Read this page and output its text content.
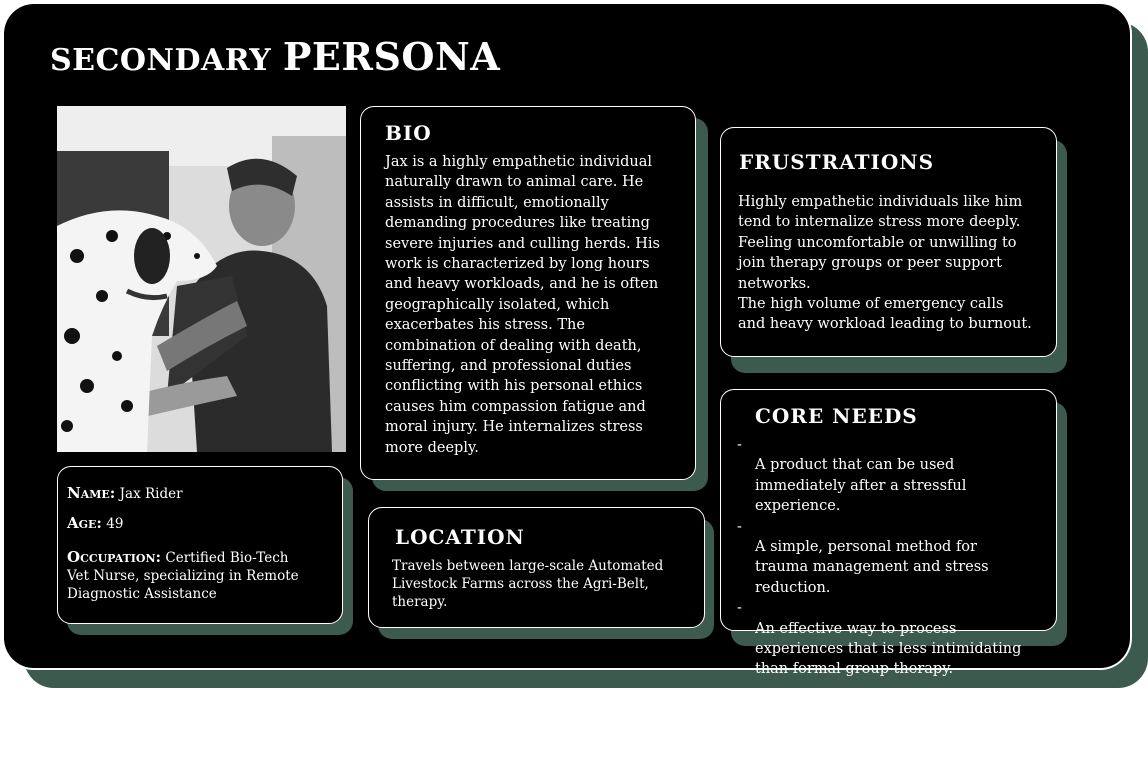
SECONDARY PERSONA

Name: Jax Rider

Age: 49

Occupation: Certified Bio-Tech
Vet Nurse, specializing in Remote
Diagnostic Assistance

BIO

Jax is a highly empathetic individual
naturally drawn to animal care. He
assists in difficult, emotionally
demanding procedures like treating
severe injuries and culling herds. His
work is characterized by long hours
and heavy workloads, and he is often
geographically isolated, which
exacerbates his stress. The
combination of dealing with death,
suffering, and professional duties
conflicting with his personal ethics
causes him compassion fatigue and
moral injury. He internalizes stress
more deeply.

LOCATION

Travels between large-scale Automated
Livestock Farms across the Agri-Belt,
therapy.

FRUSTRATIONS

Highly empathetic individuals like him
tend to internalize stress more deeply.
Feeling uncomfortable or unwilling to
join therapy groups or peer support
networks.
The high volume of emergency calls
and heavy workload leading to burnout.

CORE NEEDS

-
A product that can be used
immediately after a stressful
experience.

-
A simple, personal method for
trauma management and stress
reduction.

-
An effective way to process
experiences that is less intimidating
than formal group therapy.
